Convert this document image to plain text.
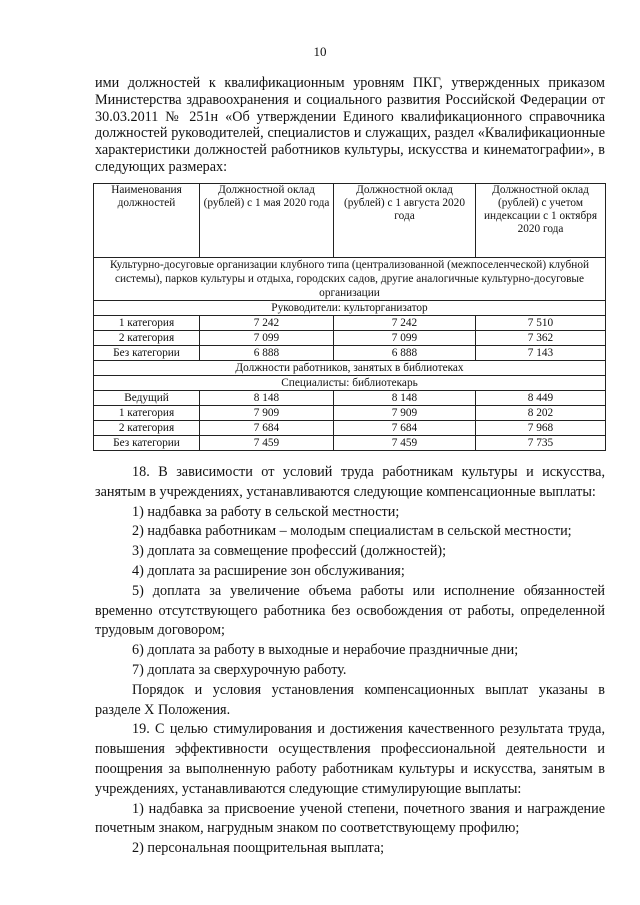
10

ими должностей к квалификационным уровням ПКГ, утвержденных приказом Министерства здравоохранения и социального развития Российской Федерации от 30.03.2011 № 251н «Об утверждении Единого квалификационного справочника должностей руководителей, специалистов и служащих, раздел «Квалификационные характеристики должностей работников культуры, искусства и кинематографии», в следующих размерах:

Наименования должностей	Должностной оклад (рублей) с 1 мая 2020 года	Должностной оклад (рублей) с 1 августа 2020 года	Должностной оклад (рублей) с учетом индексации с 1 октября 2020 года
Культурно-досуговые организации клубного типа (централизованной (межпоселенческой) клубной системы), парков культуры и отдыха, городских садов, другие аналогичные культурно-досуговые организации			
Руководители: культорганизатор			
1 категория	7 242	7 242	7 510
2 категория	7 099	7 099	7 362
Без категории	6 888	6 888	7 143
Должности работников, занятых в библиотеках			
Специалисты: библиотекарь			
Ведущий	8 148	8 148	8 449
1 категория	7 909	7 909	8 202
2 категория	7 684	7 684	7 968
Без категории	7 459	7 459	7 735

18. В зависимости от условий труда работникам культуры и искусства, занятым в учреждениях, устанавливаются следующие компенсационные выплаты:

1) надбавка за работу в сельской местности;

2) надбавка работникам – молодым специалистам в сельской местности;

3) доплата за совмещение профессий (должностей);

4) доплата за расширение зон обслуживания;

5) доплата за увеличение объема работы или исполнение обязанностей временно отсутствующего работника без освобождения от работы, определенной трудовым договором;

6) доплата за работу в выходные и нерабочие праздничные дни;

7) доплата за сверхурочную работу.

Порядок и условия установления компенсационных выплат указаны в разделе X Положения.

19. С целью стимулирования и достижения качественного результата труда, повышения эффективности осуществления профессиональной деятельности и поощрения за выполненную работу работникам культуры и искусства, занятым в учреждениях, устанавливаются следующие стимулирующие выплаты:

1) надбавка за присвоение ученой степени, почетного звания и награждение почетным знаком, нагрудным знаком по соответствующему профилю;

2) персональная поощрительная выплата;
